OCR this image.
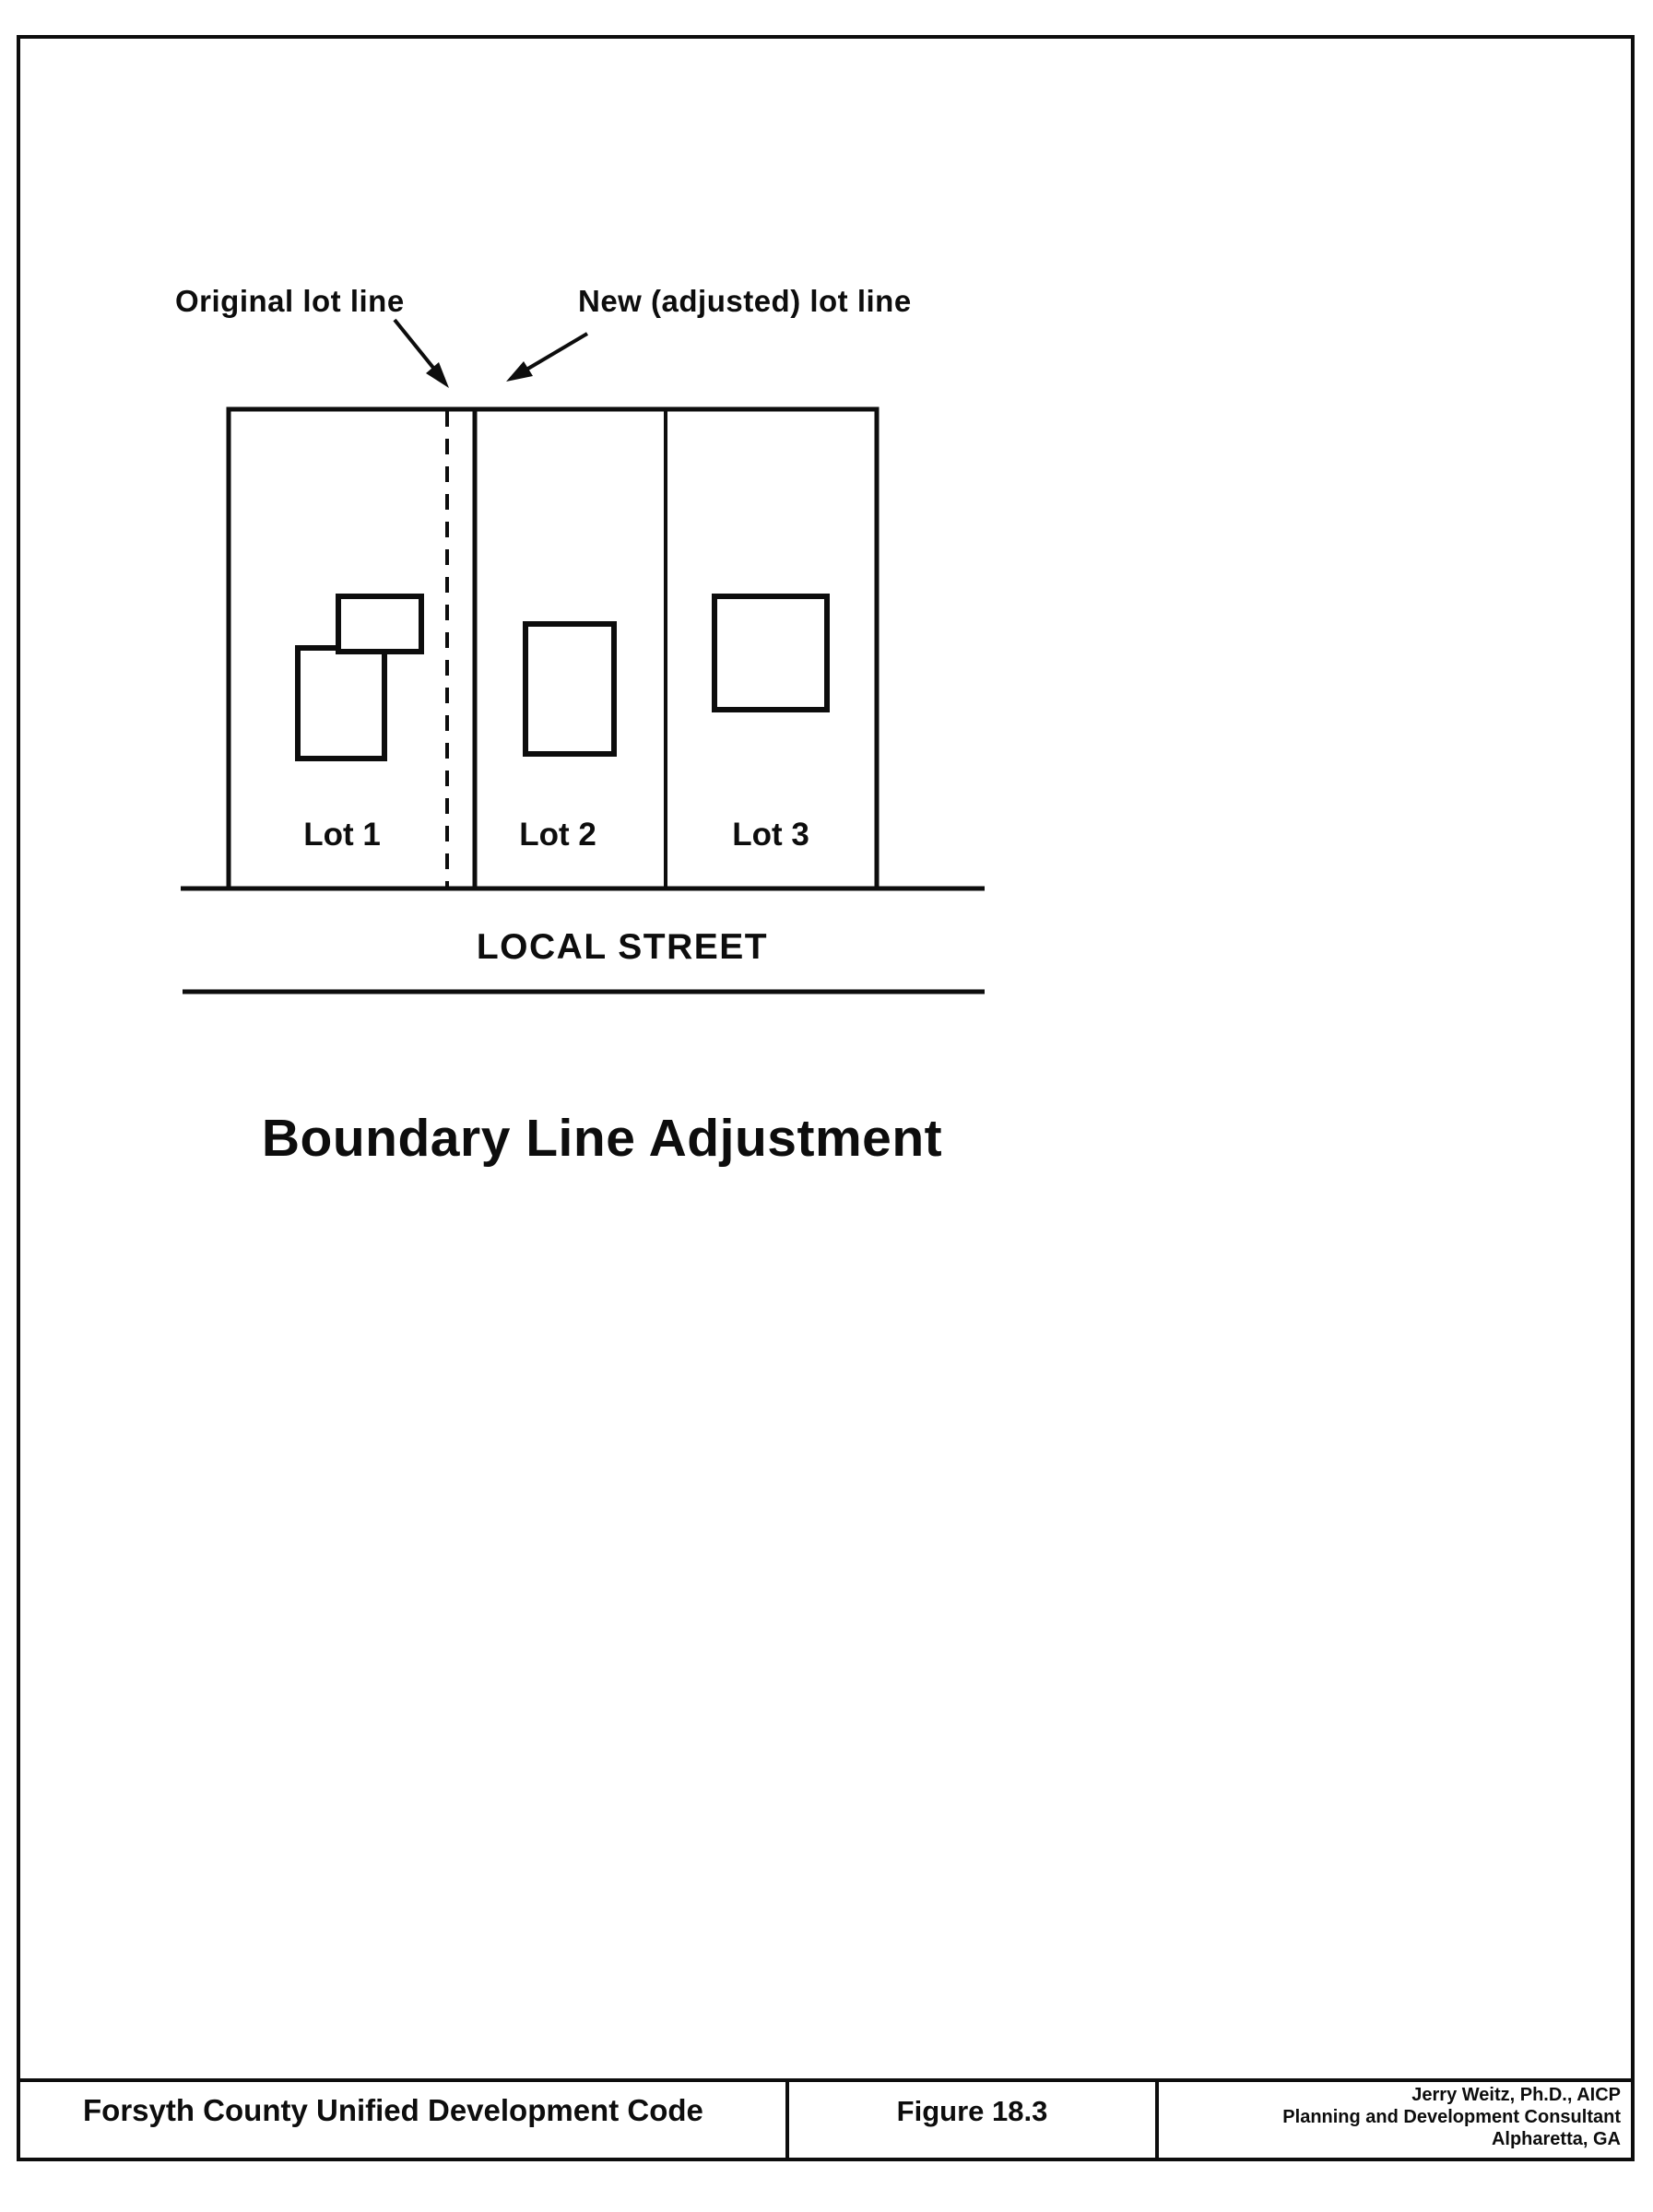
Original lot line	New (adjusted) lot line
Lot 1	Lot 2	Lot 3
LOCAL STREET
Boundary Line Adjustment
Forsyth County Unified Development Code	Figure 18.3	Jerry Weitz, Ph.D., AICP
Planning and Development Consultant
Alpharetta, GA
